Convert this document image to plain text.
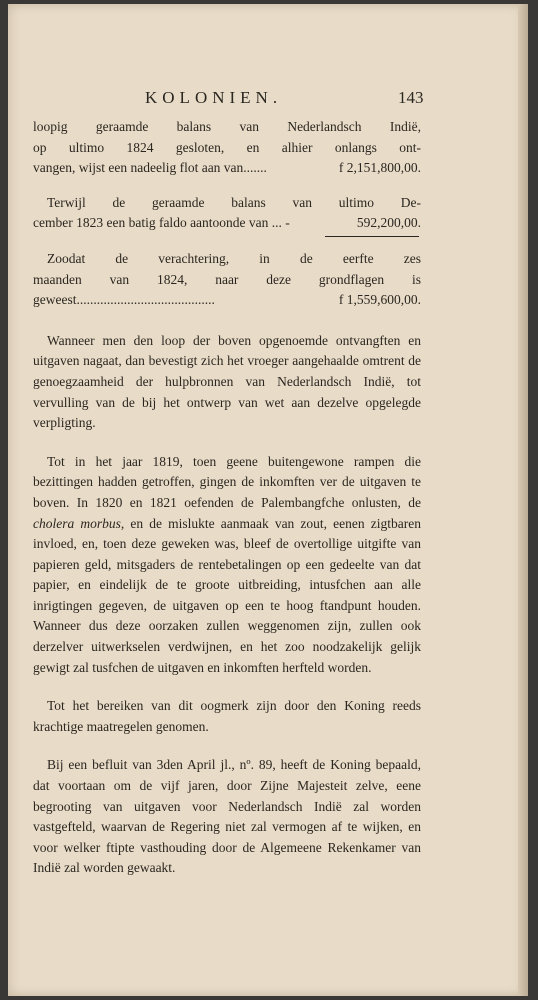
KOLONIEN.	143
loopig geraamde balans van Nederlandsch Indië,
op ultimo 1824 gesloten, en alhier onlangs ont-
vangen, wijst een nadeelig flot aan van.......	f 2,151,800,00.
Terwijl de geraamde balans van ultimo De-
cember 1823 een batig faldo aantoonde van ... -	592,200,00.
Zoodat de verachtering, in de eerfte zes
maanden van 1824, naar deze grondflagen is
geweest.........................................	f 1,559,600,00.

Wanneer men den loop der boven opgenoemde ontvangften en uitgaven nagaat, dan bevestigt zich het vroeger aangehaalde omtrent de genoegzaamheid der hulpbronnen van Nederlandsch Indië, tot vervulling van de bij het ontwerp van wet aan dezelve opgelegde verpligting.

Tot in het jaar 1819, toen geene buitengewone rampen die bezittingen hadden getroffen, gingen de inkomften ver de uitgaven te boven. In 1820 en 1821 oefenden de Palembangfche onlusten, de cholera morbus, en de mislukte aanmaak van zout, eenen zigtbaren invloed, en, toen deze geweken was, bleef de overtollige uitgifte van papieren geld, mitsgaders de rentebetalingen op een gedeelte van dat papier, en eindelijk de te groote uitbreiding, intusfchen aan alle inrigtingen gegeven, de uitgaven op een te hoog ftandpunt houden. Wanneer dus deze oorzaken zullen weggenomen zijn, zullen ook derzelver uitwerkselen verdwijnen, en het zoo noodzakelijk gelijk gewigt zal tusfchen de uitgaven en inkomften herfteld worden.

Tot het bereiken van dit oogmerk zijn door den Koning reeds krachtige maatregelen genomen.

Bij een befluit van 3den April jl., nº. 89, heeft de Koning bepaald, dat voortaan om de vijf jaren, door Zijne Majesteit zelve, eene begrooting van uitgaven voor Nederlandsch Indië zal worden vastgefteld, waarvan de Regering niet zal vermogen af te wijken, en voor welker ftipte vasthouding door de Algemeene Rekenkamer van Indië zal worden gewaakt.
